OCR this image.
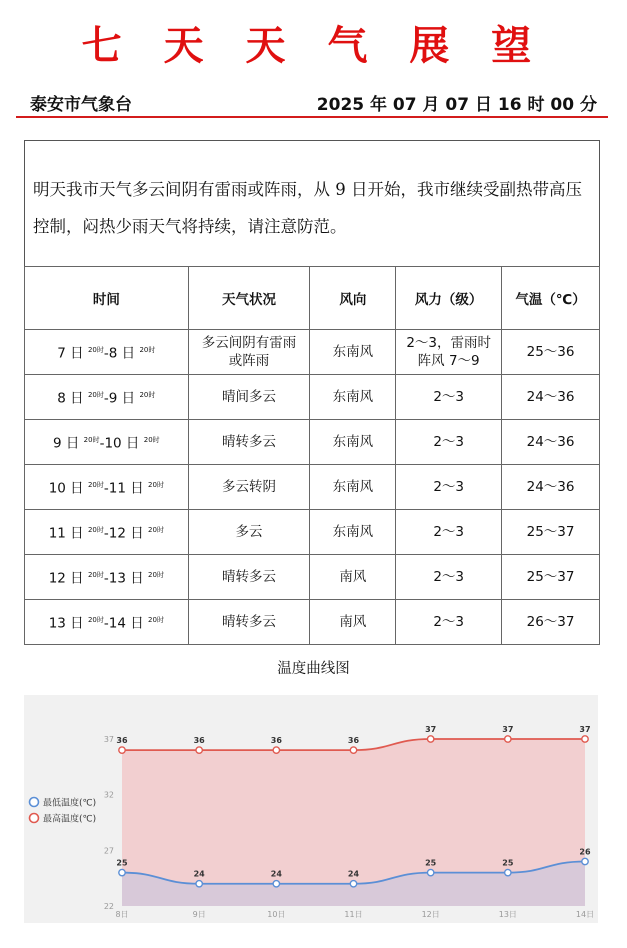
七 天 天 气 展 望
泰安市气象台	2025 年 07 月 07 日 16 时 00 分
明天我市天气多云间阴有雷雨或阵雨，从 9 日开始，我市继续受副热带高压控制，闷热少雨天气将持续，请注意防范。
时间	天气状况	风向	风力（级）	气温（℃）
7 日 $^{20时}$-8 日 $^{20时}$	多云间阴有雷雨或阵雨	东南风	2～3，雷雨时阵风 7～9	25～36
8 日 $^{20时}$-9 日 $^{20时}$	晴间多云	东南风	2～3	24～36
9 日 $^{20时}$-10 日 $^{20时}$	晴转多云	东南风	2～3	24～36
10 日 $^{20时}$-11 日 $^{20时}$	多云转阴	东南风	2～3	24～36
11 日 $^{20时}$-12 日 $^{20时}$	多云	东南风	2～3	25～37
12 日 $^{20时}$-13 日 $^{20时}$	晴转多云	南风	2～3	25～37
13 日 $^{20时}$-14 日 $^{20时}$	晴转多云	南风	2～3	26～37
温度曲线图
36	36	36	36
37	37	37
25
24	24	24
25	25
26
22
27
32
37
8日	9日	10日	11日	12日	13日	14日
最低温度(℃)
最高温度(℃)
